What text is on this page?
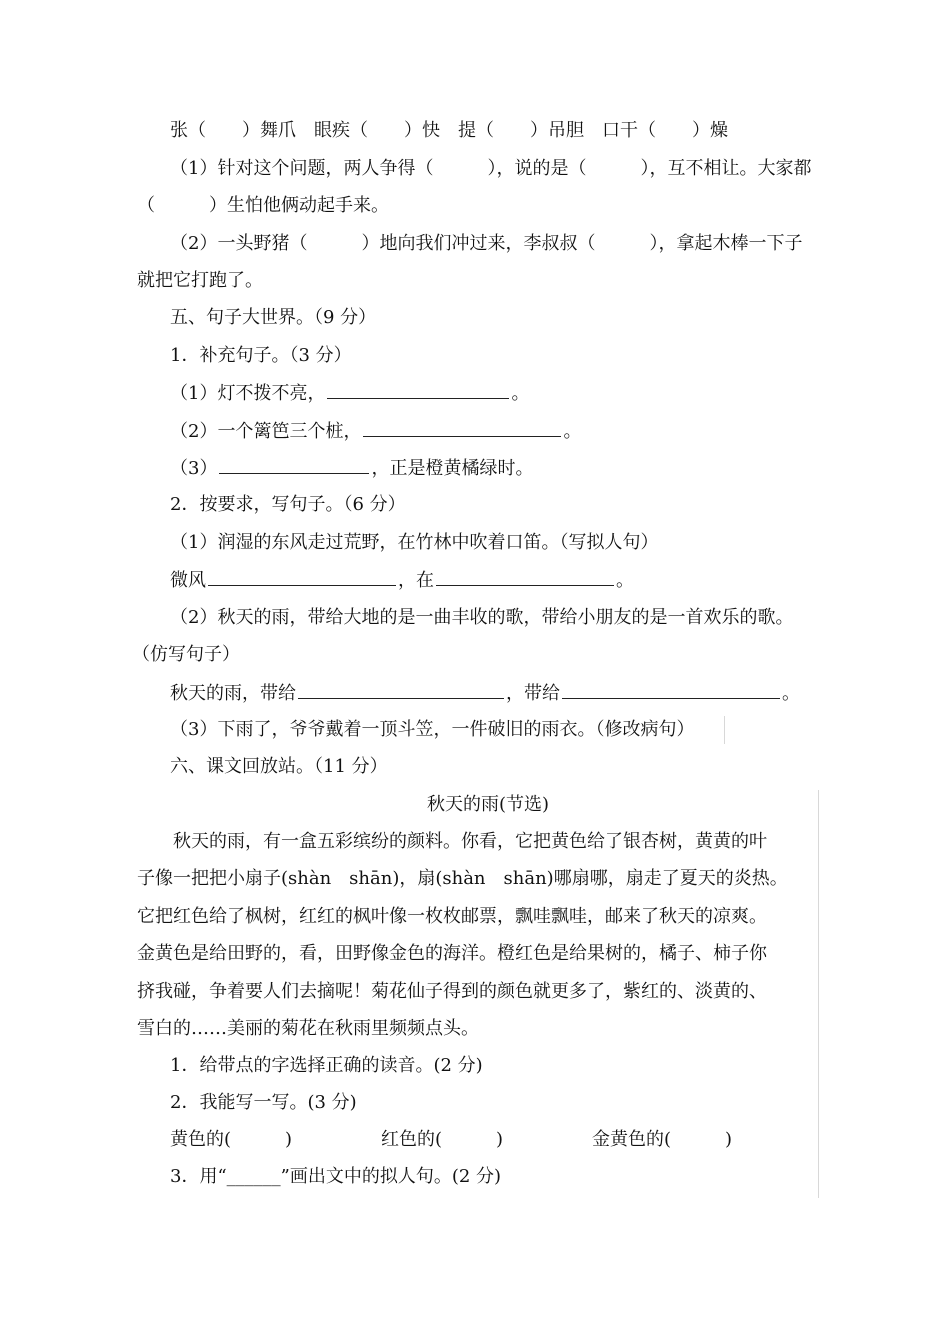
张（　　）舞爪　眼疾（　　）快　提（　　）吊胆　口干（　　）燥
（1）针对这个问题，两人争得（　　　），说的是（　　　），互不相让。大家都
（　　　）生怕他俩动起手来。
（2）一头野猪（　　　）地向我们冲过来，李叔叔（　　　），拿起木棒一下子
就把它打跑了。
五、句子大世界。（9 分）
1．补充句子。（3 分）
（1）灯不拨不亮，	。
（2）一个篱笆三个桩，	。
（3）	，正是橙黄橘绿时。
2．按要求，写句子。（6 分）
（1）润湿的东风走过荒野，在竹林中吹着口笛。（写拟人句）
微风	，在	。
（2）秋天的雨，带给大地的是一曲丰收的歌，带给小朋友的是一首欢乐的歌。
（仿写句子）
秋天的雨，带给	，带给	。
（3）下雨了，爷爷戴着一顶斗笠，一件破旧的雨衣。（修改病句）
六、课文回放站。（11 分）
秋天的雨(节选)
　　秋天的雨，有一盒五彩缤纷的颜料。你看，它把黄色给了银杏树，黄黄的叶
子像一把把小扇子(shàn　shān)，扇(shàn　shān)哪扇哪，扇走了夏天的炎热。
它把红色给了枫树，红红的枫叶像一枚枚邮票，飘哇飘哇，邮来了秋天的凉爽。
金黄色是给田野的，看，田野像金色的海洋。橙红色是给果树的，橘子、柿子你
挤我碰，争着要人们去摘呢！菊花仙子得到的颜色就更多了，紫红的、淡黄的、
雪白的……美丽的菊花在秋雨里频频点头。
1．给带点的字选择正确的读音。(2 分)
2．我能写一写。(3 分)
黄色的(　　　)	红色的(　　　)	金黄色的(　　　)
3．用“______”画出文中的拟人句。(2 分)
